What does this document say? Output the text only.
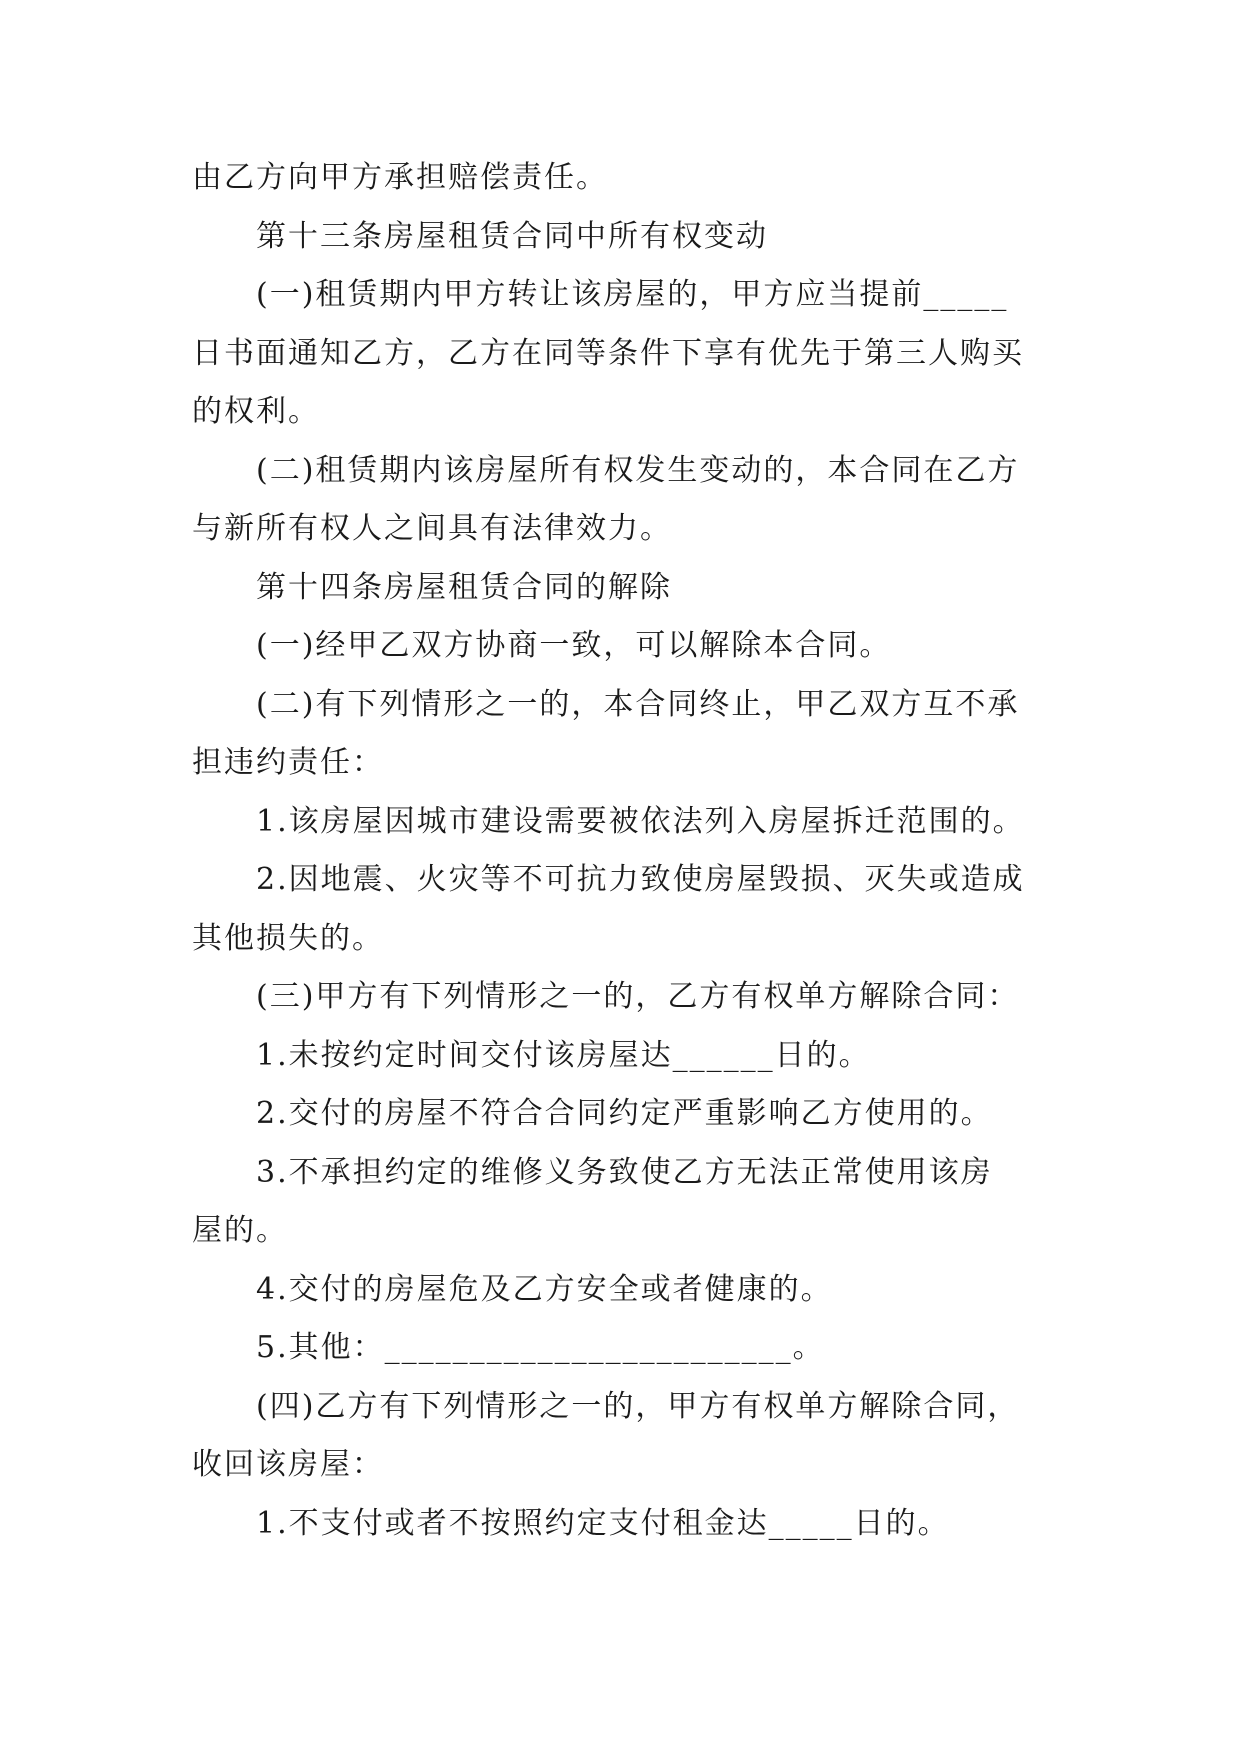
由乙方向甲方承担赔偿责任。
第十三条房屋租赁合同中所有权变动
(一)租赁期内甲方转让该房屋的，甲方应当提前_____
日书面通知乙方，乙方在同等条件下享有优先于第三人购买
的权利。
(二)租赁期内该房屋所有权发生变动的，本合同在乙方
与新所有权人之间具有法律效力。
第十四条房屋租赁合同的解除
(一)经甲乙双方协商一致，可以解除本合同。
(二)有下列情形之一的，本合同终止，甲乙双方互不承
担违约责任：
1.该房屋因城市建设需要被依法列入房屋拆迁范围的。
2.因地震、火灾等不可抗力致使房屋毁损、灭失或造成
其他损失的。
(三)甲方有下列情形之一的，乙方有权单方解除合同：
1.未按约定时间交付该房屋达______日的。
2.交付的房屋不符合合同约定严重影响乙方使用的。
3.不承担约定的维修义务致使乙方无法正常使用该房
屋的。
4.交付的房屋危及乙方安全或者健康的。
5.其他：________________________。
(四)乙方有下列情形之一的，甲方有权单方解除合同，
收回该房屋：
1.不支付或者不按照约定支付租金达_____日的。
